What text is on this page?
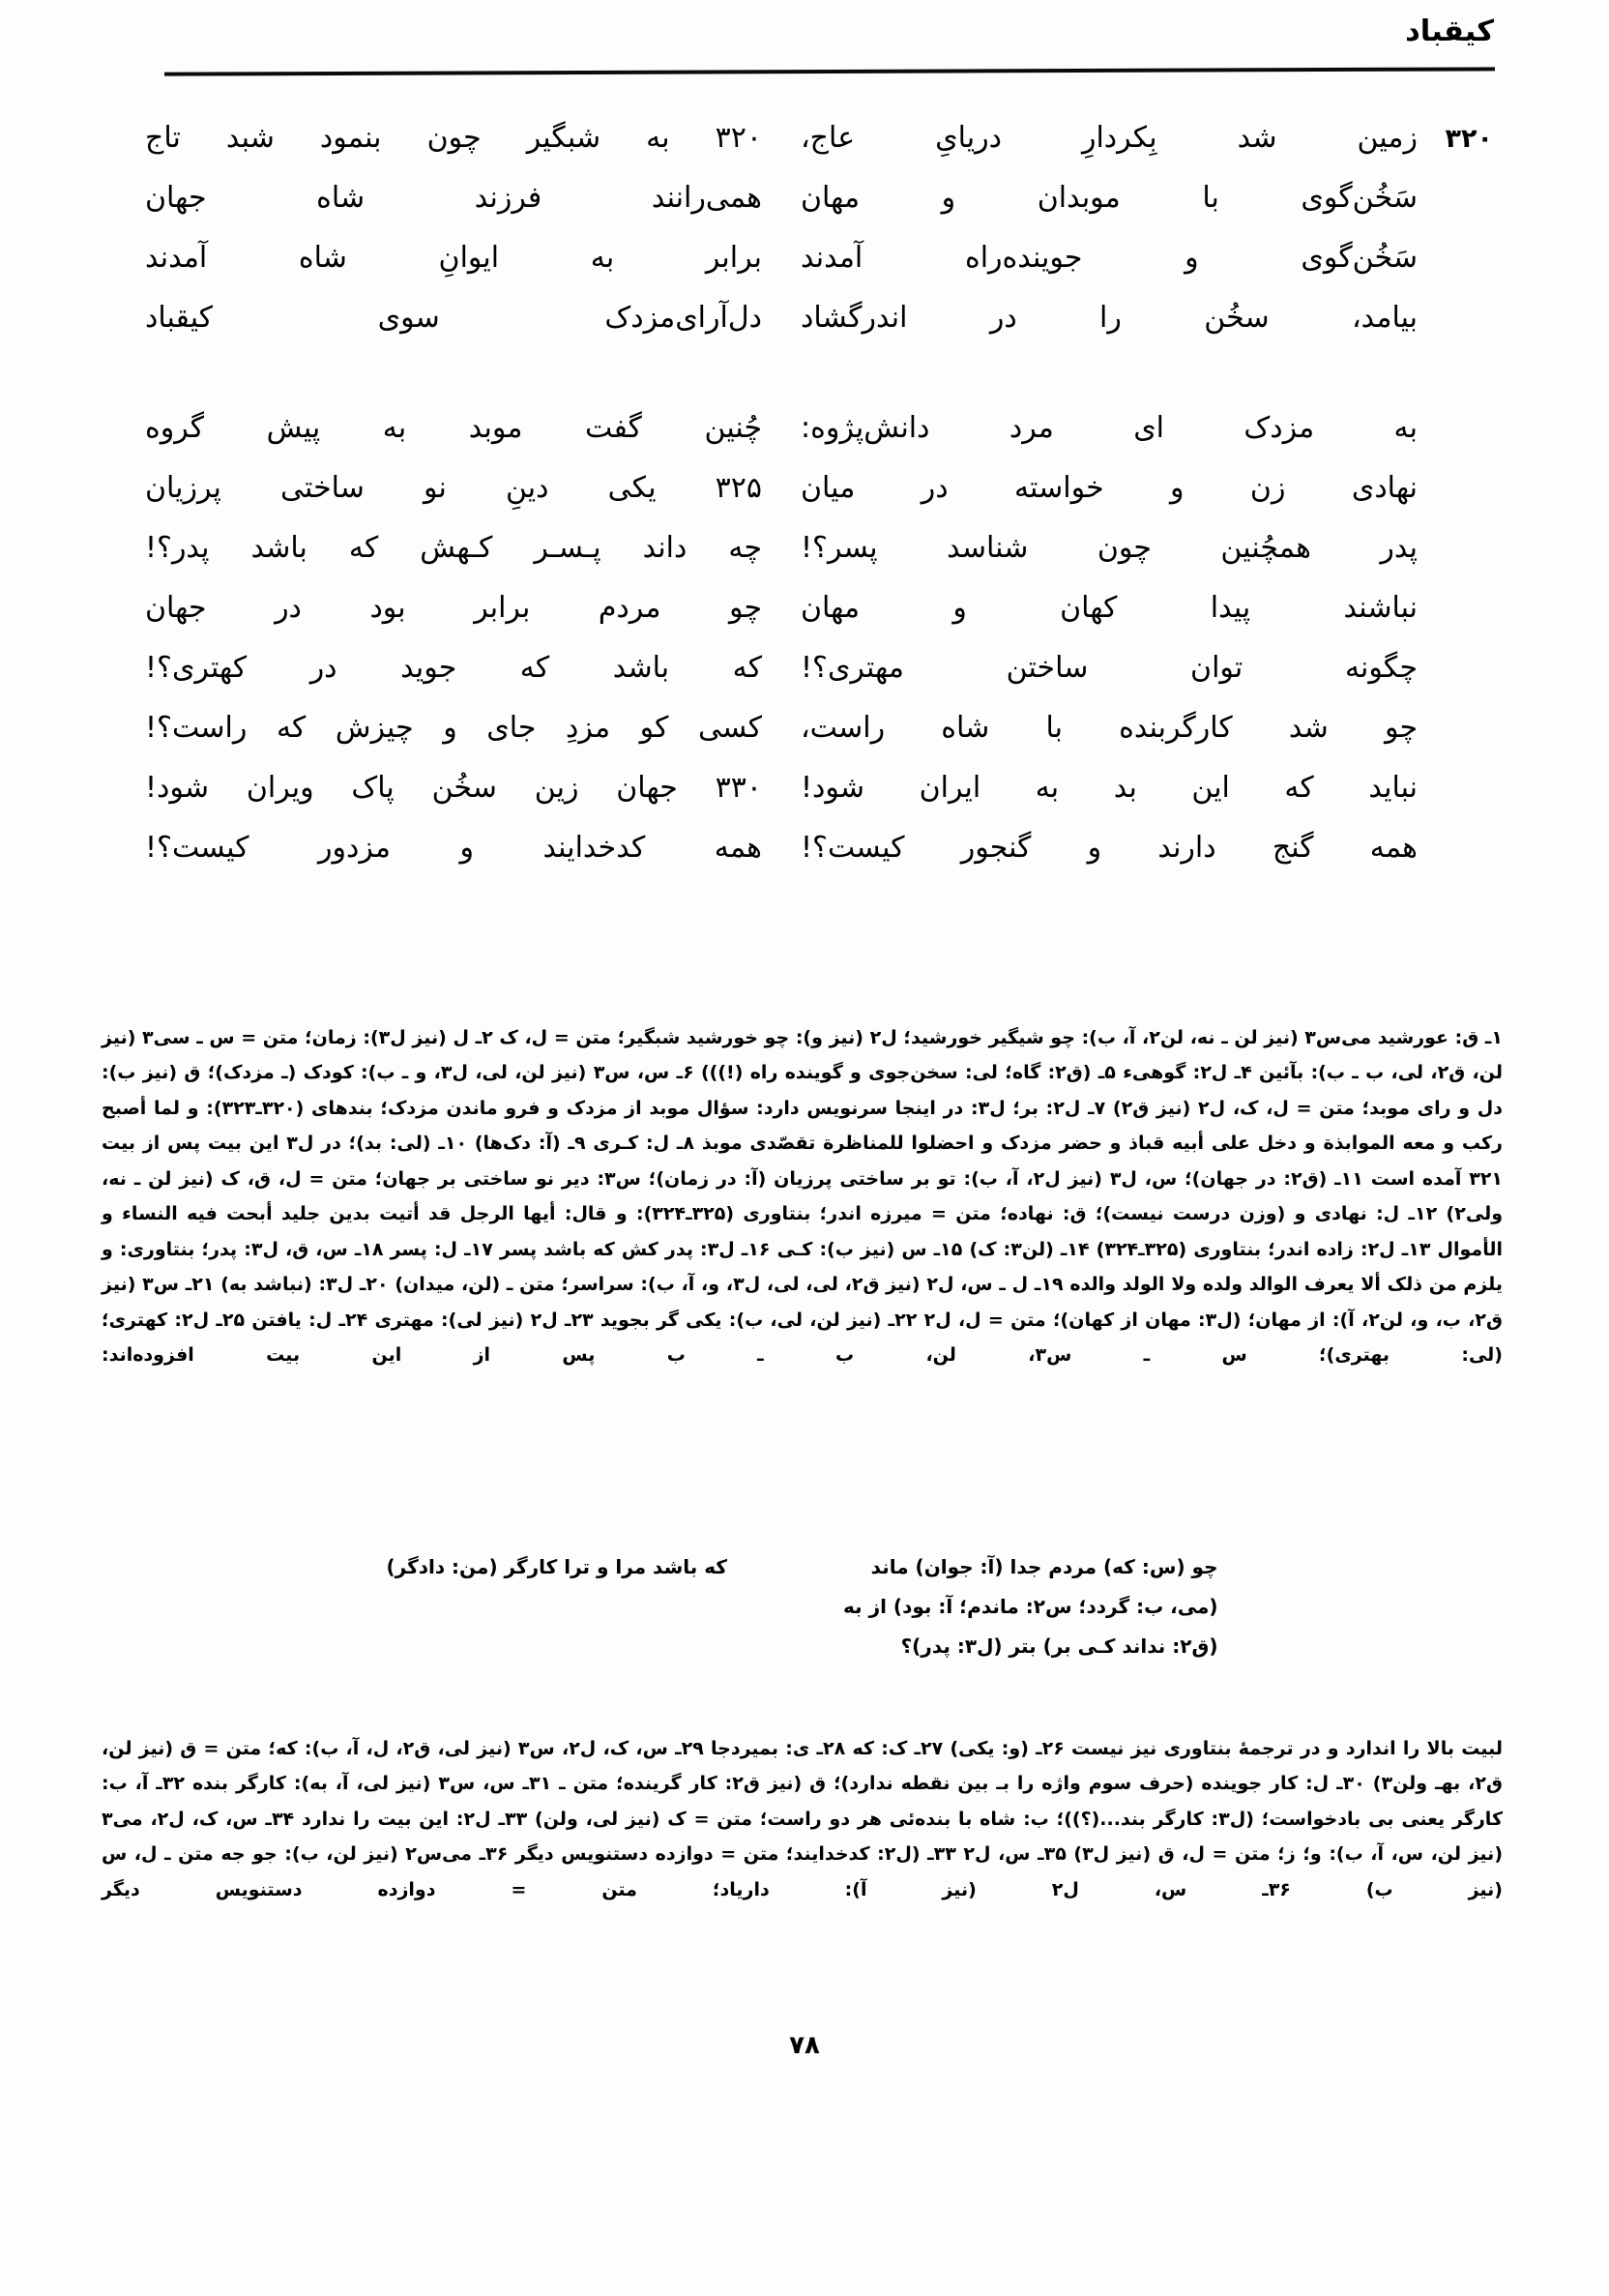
کیقباد
۳۲۰
زمین شد بِکردارِ دریایِ عاج،
۳۲۰ به شبگیر چون بنمود شبد تاج
سَخُن‌گوی با موبدان و مهان
همی‌رانند فرزند شاه جهان
سَخُن‌گوی و جوینده‌راه آمدند
برابر به ایوانِ شاه آمدند
بیامد، سخُن را در اندرگشاد
دل‌آرای‌مزدک سوی کیقباد
به مزدک ای مرد دانش‌پژوه:
چُنین گفت موبد به پیش گروه
نهادی زن و خواسته در میان
۳۲۵ یکی دینِ نو ساختی پرزیان
پدر همچُنین چون شناسد پسر؟!
چه داند پـسـر کـهش که باشد پدر؟!
نباشند پیدا کهان و مهان
چو مردم برابر بود در جهان
چگونه توان ساختن مهتری؟!
که باشد که جوید در کهتری؟!
چو شد کارگربنده با شاه راست،
کسی کو مزدِ جای و چیزش که راست؟!
نباید که این بد به ایران شود!
۳۳۰ جهان زین سخُن پاک ویران شود!
همه گنج دارند و گنجور کیست؟!
همه کدخدایند و مزدور کیست؟!
۱ـ ق: عورشید می‌س۳ (نیز لن ـ نه، لن۲، آ، ب): چو شیگیر خورشید؛ ل۲ (نیز و): چو خورشید شبگیر؛ متن = ل، ک ۲ـ ل (نیز ل۳): زمان؛ متن = س ـ سی۳ (نیز لن، ق۲، لی، ب ـ ب): بآئین ۴ـ ل۲: گوهی‌ء ۵ـ (ق۲: گاه؛ لی: سخن‌جوی و گوینده‌ راه (!))) ۶ـ س، س۳ (نیز لن، لی، ل۳، و ـ ب): کودک (ـ مزدک)؛ ق (نیز ب): دل و رای موبد؛ متن = ل، ک، ل۲ (نیز ق۲) ۷ـ ل۲: بر؛ ل۳: در اینجا سرنویس دارد: سؤال موبد از مزدک و فرو ماندن مزدک؛ بندهای (۳۲۰ـ۳۲۳): و لما أصبح رکب و معه الموابذة و دخل علی أبیه قباذ و حضر مزدک و احضلوا للمناظرة تقصّدی موبذ ۸ـ ل: کـری ۹ـ (آ: دک‌ها) ۱۰ـ (لی: بد)؛ در ل۳ این بیت پس از بیت ۳۲۱ آمده است ۱۱ـ (ق۲: در جهان)؛ س، ل۳ (نیز ل۲، آ، ب): تو بر ساختی پرزیان (آ: در زمان)؛ س۳: دیر نو ساختی بر جهان؛ متن = ل، ق، ک (نیز لن ـ نه، ولی۲) ۱۲ـ ل: نهادی و (وزن درست نیست)؛ ق: نهاده؛ متن = میرزه اندر؛ بنتاوری (۳۲۵ـ۳۲۴): و قال: أیها الرجل قد أتیت بدین جلید أبحت فیه النساء و الأموال ۱۳ـ ل۲: زاده اندر؛ بنتاوری (۳۲۵ـ۳۲۴) ۱۴ـ (لن۳: ک) ۱۵ـ س (نیز ب): کـی ۱۶ـ ل۳: پدر کش که باشد پسر ۱۷ـ ل: پسر ۱۸ـ س، ق، ل۳: پدر؛ بنتاوری: و یلزم من ذلک ألا یعرف الوالد ولده ولا الولد والده ۱۹ـ ل ـ س، ل۲ (نیز ق۲، لی، لی، ل۳، و، آ، ب): سراسر؛ متن ـ (لن، میدان) ۲۰ـ ل۳: (نباشد به) ۲۱ـ س۳ (نیز ق۲، ب، و، لن۲، آ): از مهان؛ (ل۳: مهان از کهان)؛ متن = ل، ل۲ ۲۲ـ (نیز لن، لی، ب): یکی گر بجوید ۲۳ـ ل۲ (نیز لی): مهتری ۲۴ـ ل: یافتن ۲۵ـ ل۲: کهتری؛ (لی: بهتری)؛ س ـ س۳، لن، ب ـ ب پس از این بیت افزوده‌اند:
چو (س: که) مردم جدا (آ: جوان) ماند
(می، ب: گردد؛ س۲: ماندم؛ آ: بود) از به
(ق۲: نداند کـی بر) بتر (ل۳: پدر)؟
که باشد مرا و ترا کارگر (من: دادگر)
لبیت بالا را اندارد و در ترجمهٔ بنتاوری نیز نیست ۲۶ـ (و: یکی) ۲۷ـ ک: که ۲۸ـ ی: بمیردجا ۲۹ـ س، ک، ل۲، س۳ (نیز لی، ق۲، ل، آ، ب): که؛ متن = ق (نیز لن، ق۲، بهـ ولن۳) ۳۰ـ ل: کار جوینده (حرف سوم واژه را بـ بین نقطه ندارد)؛ ق (نیز ق۲: کار گرینده؛ متن ـ ۳۱ـ س، س۳ (نیز لی، آ، به): کارگر بنده ۳۲ـ آ، ب: کارگر یعنی بی‌ بادخواست؛ (ل۳: کارگر بند...(؟))؛ ب: شاه با بنده‌ئی هر دو راست؛ متن = ک (نیز لی، ولن) ۳۳ـ ل۲: این بیت را ندارد ۳۴ـ س، ک، ل۲، می۳ (نیز لن، س، آ، ب): و؛ ز؛ متن = ل، ق (نیز ل۳) ۳۵ـ س، ل۲ ۳۳ـ (ل۲: کدخدایند؛ متن = دوازده دستنویس دیگر ۳۶ـ می‌س۲ (نیز لن، ب): جو جه متن ـ ل، س (نیز ب) ۳۶ـ س، ل۲ (نیز آ): داریاد؛ متن = دوازده دستنویس دیگر
۷۸
